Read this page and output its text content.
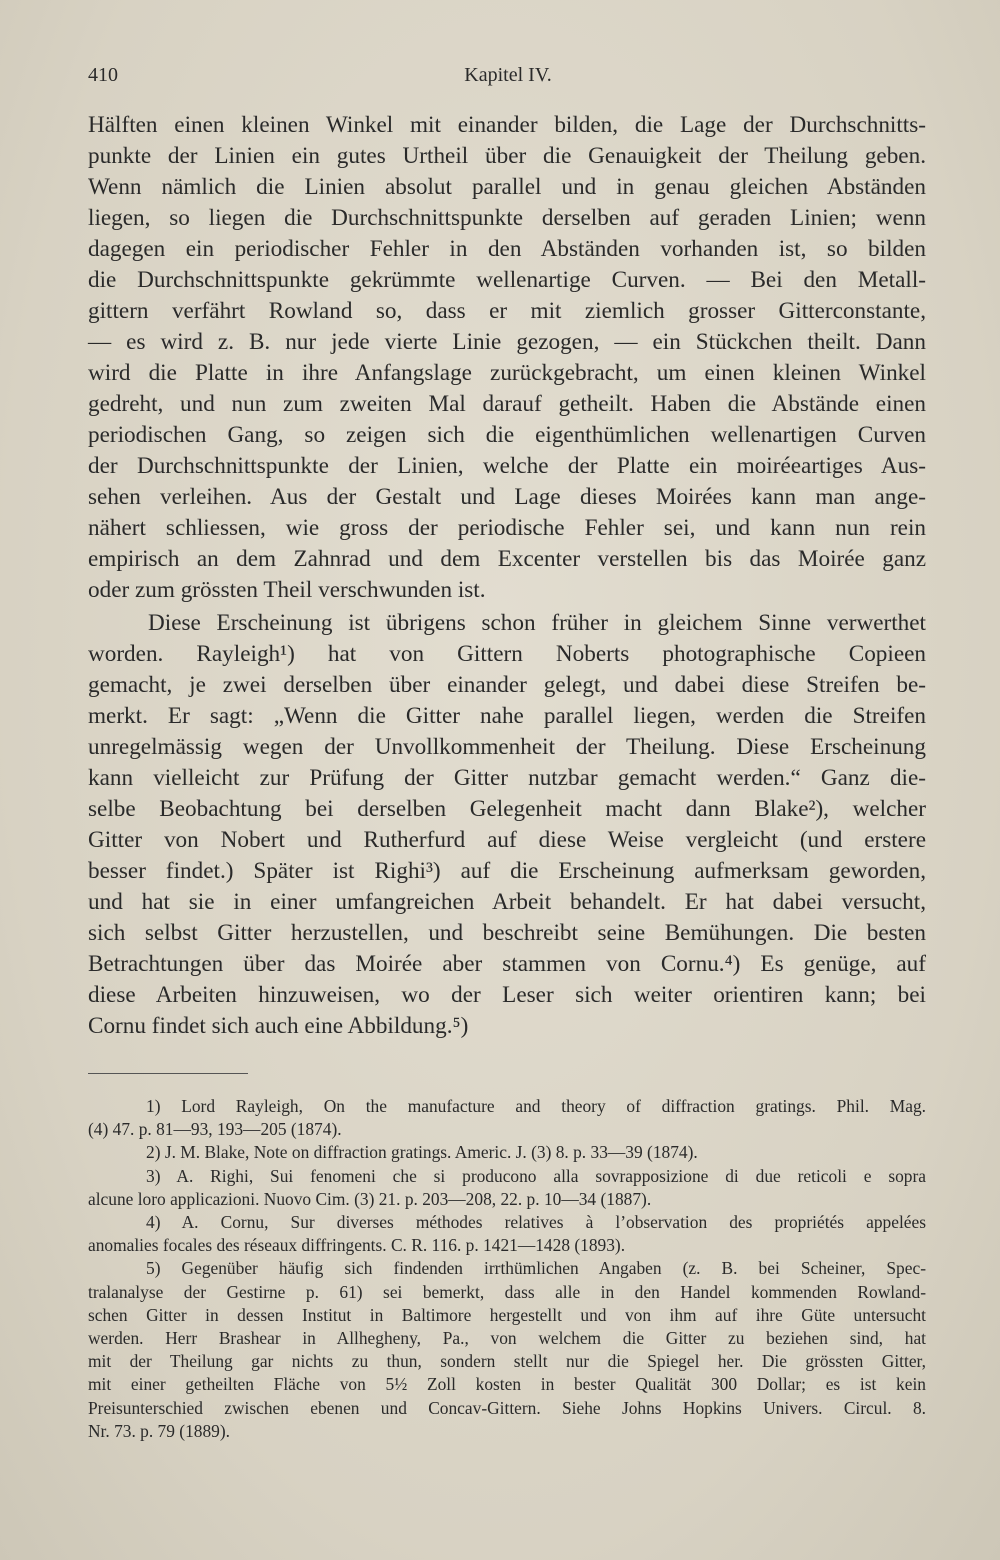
410	Kapitel IV.
Hälften einen kleinen Winkel mit einander bilden, die Lage der Durchschnitts-
punkte der Linien ein gutes Urtheil über die Genauigkeit der Theilung geben.
Wenn nämlich die Linien absolut parallel und in genau gleichen Abständen
liegen, so liegen die Durchschnittspunkte derselben auf geraden Linien; wenn
dagegen ein periodischer Fehler in den Abständen vorhanden ist, so bilden
die Durchschnittspunkte gekrümmte wellenartige Curven. — Bei den Metall-
gittern verfährt Rowland so, dass er mit ziemlich grosser Gitterconstante,
— es wird z. B. nur jede vierte Linie gezogen, — ein Stückchen theilt. Dann
wird die Platte in ihre Anfangslage zurückgebracht, um einen kleinen Winkel
gedreht, und nun zum zweiten Mal darauf getheilt. Haben die Abstände einen
periodischen Gang, so zeigen sich die eigenthümlichen wellenartigen Curven
der Durchschnittspunkte der Linien, welche der Platte ein moiréeartiges Aus-
sehen verleihen. Aus der Gestalt und Lage dieses Moirées kann man ange-
nähert schliessen, wie gross der periodische Fehler sei, und kann nun rein
empirisch an dem Zahnrad und dem Excenter verstellen bis das Moirée ganz
oder zum grössten Theil verschwunden ist.
Diese Erscheinung ist übrigens schon früher in gleichem Sinne verwerthet
worden. Rayleigh¹) hat von Gittern Noberts photographische Copieen
gemacht, je zwei derselben über einander gelegt, und dabei diese Streifen be-
merkt. Er sagt: „Wenn die Gitter nahe parallel liegen, werden die Streifen
unregelmässig wegen der Unvollkommenheit der Theilung. Diese Erscheinung
kann vielleicht zur Prüfung der Gitter nutzbar gemacht werden.“ Ganz die-
selbe Beobachtung bei derselben Gelegenheit macht dann Blake²), welcher
Gitter von Nobert und Rutherfurd auf diese Weise vergleicht (und erstere
besser findet.) Später ist Righi³) auf die Erscheinung aufmerksam geworden,
und hat sie in einer umfangreichen Arbeit behandelt. Er hat dabei versucht,
sich selbst Gitter herzustellen, und beschreibt seine Bemühungen. Die besten
Betrachtungen über das Moirée aber stammen von Cornu.⁴) Es genüge, auf
diese Arbeiten hinzuweisen, wo der Leser sich weiter orientiren kann; bei
Cornu findet sich auch eine Abbildung.⁵)
1) Lord Rayleigh, On the manufacture and theory of diffraction gratings. Phil. Mag.
(4) 47. p. 81—93, 193—205 (1874).
2) J. M. Blake, Note on diffraction gratings. Americ. J. (3) 8. p. 33—39 (1874).
3) A. Righi, Sui fenomeni che si producono alla sovrapposizione di due reticoli e sopra
alcune loro applicazioni. Nuovo Cim. (3) 21. p. 203—208, 22. p. 10—34 (1887).
4) A. Cornu, Sur diverses méthodes relatives à l’observation des propriétés appelées
anomalies focales des réseaux diffringents. C. R. 116. p. 1421—1428 (1893).
5) Gegenüber häufig sich findenden irrthümlichen Angaben (z. B. bei Scheiner, Spec-
tralanalyse der Gestirne p. 61) sei bemerkt, dass alle in den Handel kommenden Rowland-
schen Gitter in dessen Institut in Baltimore hergestellt und von ihm auf ihre Güte untersucht
werden. Herr Brashear in Allhegheny, Pa., von welchem die Gitter zu beziehen sind, hat
mit der Theilung gar nichts zu thun, sondern stellt nur die Spiegel her. Die grössten Gitter,
mit einer getheilten Fläche von 5½ Zoll kosten in bester Qualität 300 Dollar; es ist kein
Preisunterschied zwischen ebenen und Concav-Gittern. Siehe Johns Hopkins Univers. Circul. 8.
Nr. 73. p. 79 (1889).
